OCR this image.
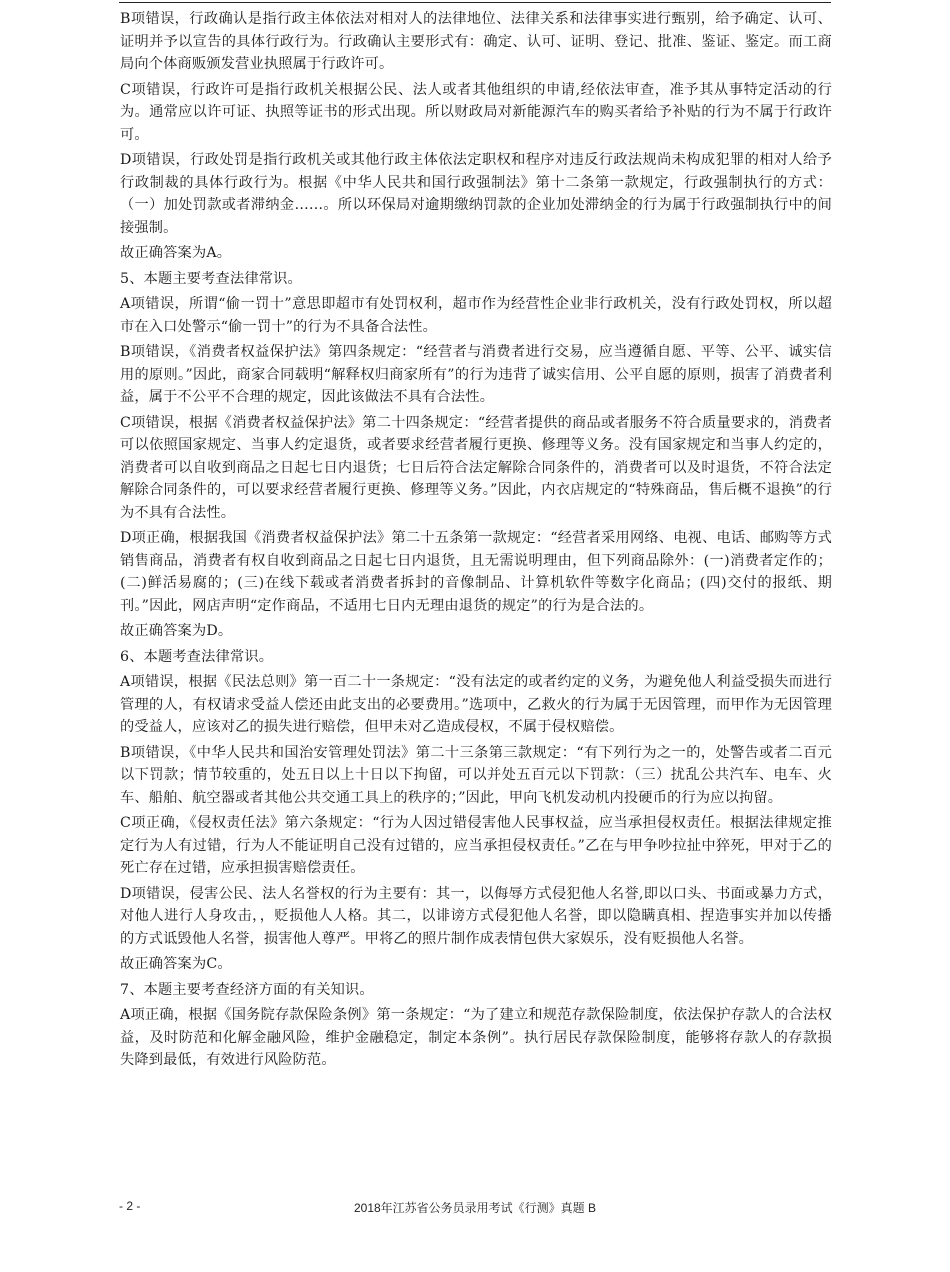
B项错误，行政确认是指行政主体依法对相对人的法律地位、法律关系和法律事实进行甄别，给予确定、认可、证明并予以宣告的具体行政行为。行政确认主要形式有：确定、认可、证明、登记、批准、鉴证、鉴定。而工商局向个体商贩颁发营业执照属于行政许可。

C项错误，行政许可是指行政机关根据公民、法人或者其他组织的申请,经依法审查，准予其从事特定活动的行为。通常应以许可证、执照等证书的形式出现。所以财政局对新能源汽车的购买者给予补贴的行为不属于行政许可。

D项错误，行政处罚是指行政机关或其他行政主体依法定职权和程序对违反行政法规尚未构成犯罪的相对人给予行政制裁的具体行政行为。根据《中华人民共和国行政强制法》第十二条第一款规定，行政强制执行的方式：（一）加处罚款或者滞纳金……。所以环保局对逾期缴纳罚款的企业加处滞纳金的行为属于行政强制执行中的间接强制。

故正确答案为A。

5、本题主要考查法律常识。

A项错误，所谓“偷一罚十”意思即超市有处罚权利，超市作为经营性企业非行政机关，没有行政处罚权，所以超市在入口处警示“偷一罚十”的行为不具备合法性。

B项错误，《消费者权益保护法》第四条规定：“经营者与消费者进行交易，应当遵循自愿、平等、公平、诚实信用的原则。”因此，商家合同载明“解释权归商家所有”的行为违背了诚实信用、公平自愿的原则，损害了消费者利益，属于不公平不合理的规定，因此该做法不具有合法性。

C项错误，根据《消费者权益保护法》第二十四条规定：“经营者提供的商品或者服务不符合质量要求的，消费者可以依照国家规定、当事人约定退货，或者要求经营者履行更换、修理等义务。没有国家规定和当事人约定的，消费者可以自收到商品之日起七日内退货；七日后符合法定解除合同条件的，消费者可以及时退货，不符合法定解除合同条件的，可以要求经营者履行更换、修理等义务。”因此，内衣店规定的“特殊商品，售后概不退换”的行为不具有合法性。

D项正确，根据我国《消费者权益保护法》第二十五条第一款规定：“经营者采用网络、电视、电话、邮购等方式销售商品，消费者有权自收到商品之日起七日内退货，且无需说明理由，但下列商品除外：(一)消费者定作的；(二)鲜活易腐的；(三)在线下载或者消费者拆封的音像制品、计算机软件等数字化商品；(四)交付的报纸、期刊。”因此，网店声明“定作商品，不适用七日内无理由退货的规定”的行为是合法的。

故正确答案为D。

6、本题考查法律常识。

A项错误，根据《民法总则》第一百二十一条规定：“没有法定的或者约定的义务，为避免他人利益受损失而进行管理的人，有权请求受益人偿还由此支出的必要费用。”选项中，乙救火的行为属于无因管理，而甲作为无因管理的受益人，应该对乙的损失进行赔偿，但甲未对乙造成侵权，不属于侵权赔偿。

B项错误，《中华人民共和国治安管理处罚法》第二十三条第三款规定：“有下列行为之一的，处警告或者二百元以下罚款；情节较重的，处五日以上十日以下拘留，可以并处五百元以下罚款：（三）扰乱公共汽车、电车、火车、船舶、航空器或者其他公共交通工具上的秩序的；”因此，甲向飞机发动机内投硬币的行为应以拘留。

C项正确，《侵权责任法》第六条规定：“行为人因过错侵害他人民事权益，应当承担侵权责任。根据法律规定推定行为人有过错，行为人不能证明自己没有过错的，应当承担侵权责任。”乙在与甲争吵拉扯中猝死，甲对于乙的死亡存在过错，应承担损害赔偿责任。

D项错误，侵害公民、法人名誉权的行为主要有：其一，以侮辱方式侵犯他人名誉,即以口头、书面或暴力方式，对他人进行人身攻击，，贬损他人人格。其二，以诽谤方式侵犯他人名誉，即以隐瞒真相、捏造事实并加以传播的方式诋毁他人名誉，损害他人尊严。甲将乙的照片制作成表情包供大家娱乐，没有贬损他人名誉。

故正确答案为C。

7、本题主要考查经济方面的有关知识。

A项正确，根据《国务院存款保险条例》第一条规定：“为了建立和规范存款保险制度，依法保护存款人的合法权益，及时防范和化解金融风险，维护金融稳定，制定本条例”。执行居民存款保险制度，能够将存款人的存款损失降到最低，有效进行风险防范。

- 2 -	2018年江苏省公务员录用考试《行测》真题 B
